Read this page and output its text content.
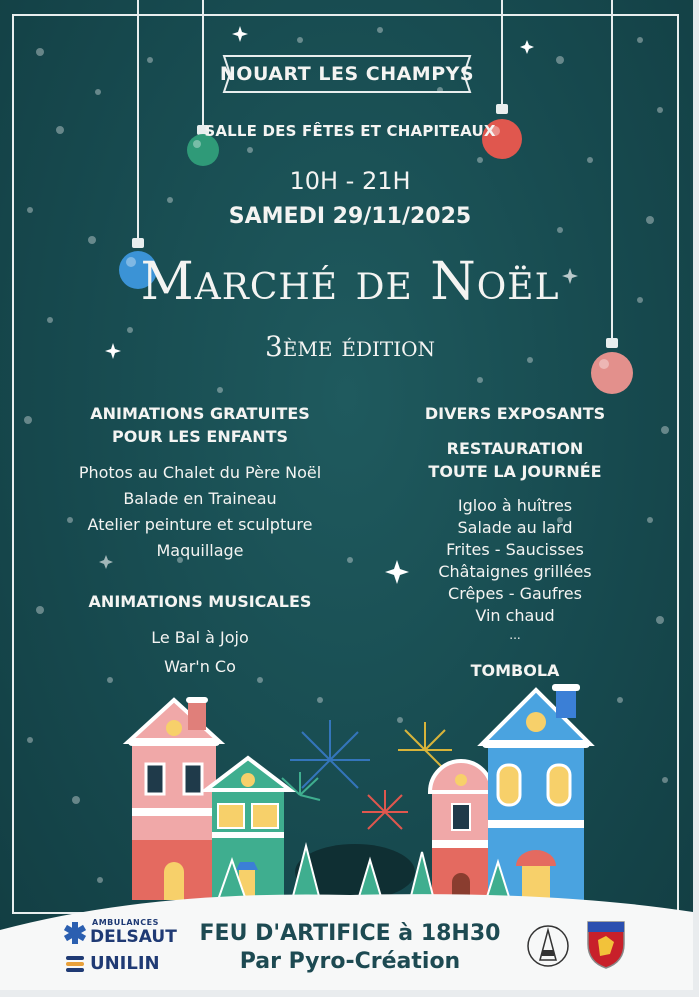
NOUART LES CHAMPYS

SALLE DES FÊTES ET CHAPITEAUX

10H - 21H

SAMEDI 29/11/2025

Marché de Noël

3ème édition

ANIMATIONS GRATUITES
POUR LES ENFANTS
Photos au Chalet du Père Noël
Balade en Traineau
Atelier peinture et sculpture
Maquillage
ANIMATIONS MUSICALES
Le Bal à Jojo
War'n Co
DIVERS EXPOSANTS
RESTAURATION
TOUTE LA JOURNÉE
Igloo à huîtres
Salade au lard
Frites - Saucisses
Châtaignes grillées
Crêpes - Gaufres
Vin chaud
...
TOMBOLA
AMBULANCES
DELSAUT
UNILIN
FEU D'ARTIFICE à 18H30
Par Pyro-Création
